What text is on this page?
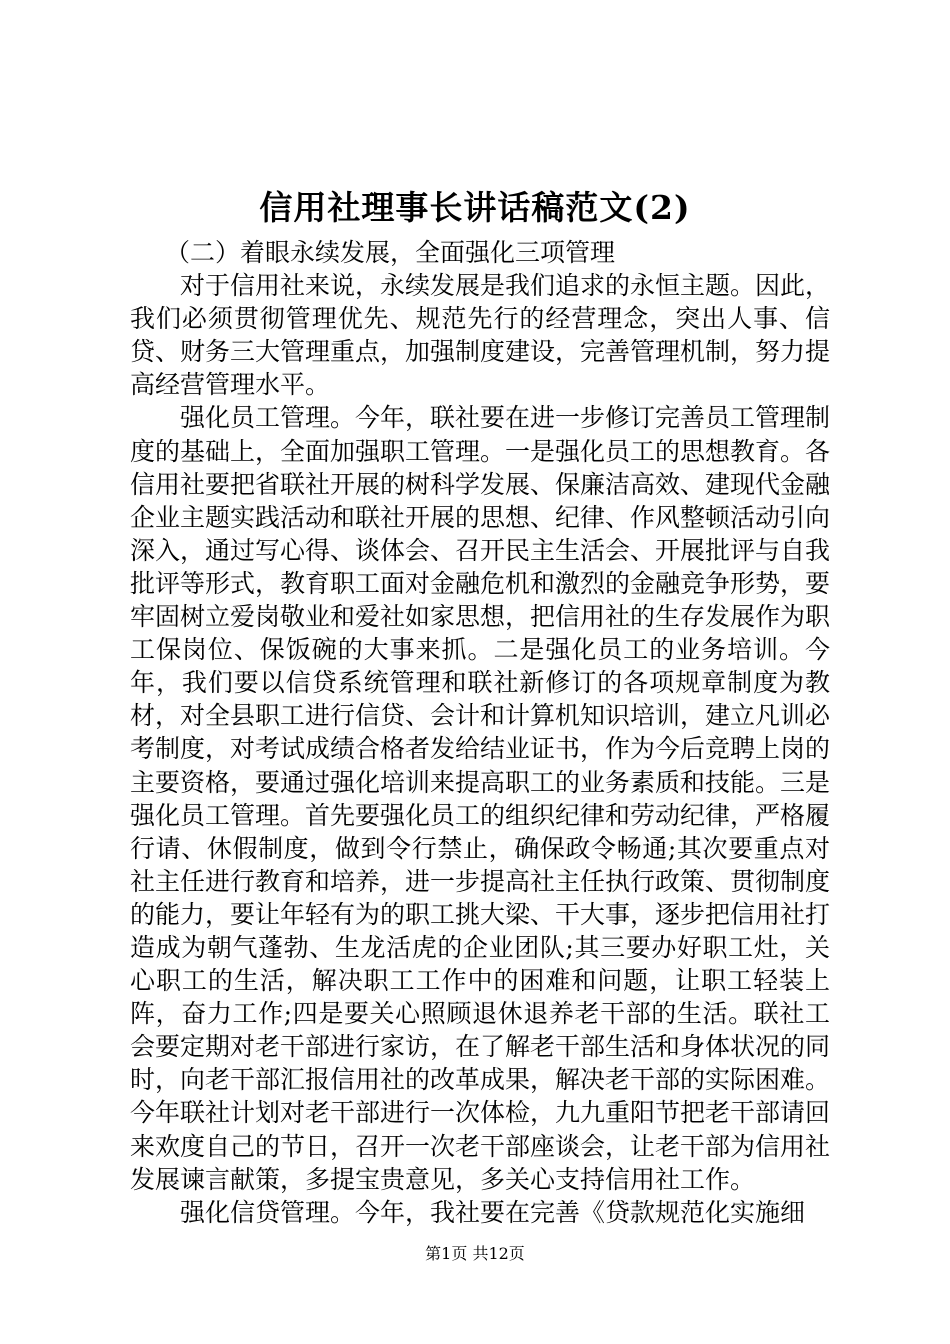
信用社理事长讲话稿范文(2)

（二）着眼永续发展，全面强化三项管理

对于信用社来说，永续发展是我们追求的永恒主题。因此，我们必须贯彻管理优先、规范先行的经营理念，突出人事、信贷、财务三大管理重点，加强制度建设，完善管理机制，努力提高经营管理水平。

强化员工管理。今年，联社要在进一步修订完善员工管理制度的基础上，全面加强职工管理。一是强化员工的思想教育。各信用社要把省联社开展的树科学发展、保廉洁高效、建现代金融企业主题实践活动和联社开展的思想、纪律、作风整顿活动引向深入，通过写心得、谈体会、召开民主生活会、开展批评与自我批评等形式，教育职工面对金融危机和激烈的金融竞争形势，要牢固树立爱岗敬业和爱社如家思想，把信用社的生存发展作为职工保岗位、保饭碗的大事来抓。二是强化员工的业务培训。今年，我们要以信贷系统管理和联社新修订的各项规章制度为教材，对全县职工进行信贷、会计和计算机知识培训，建立凡训必考制度，对考试成绩合格者发给结业证书，作为今后竞聘上岗的主要资格，要通过强化培训来提高职工的业务素质和技能。三是强化员工管理。首先要强化员工的组织纪律和劳动纪律，严格履行请、休假制度，做到令行禁止，确保政令畅通;其次要重点对社主任进行教育和培养，进一步提高社主任执行政策、贯彻制度的能力，要让年轻有为的职工挑大梁、干大事，逐步把信用社打造成为朝气蓬勃、生龙活虎的企业团队;其三要办好职工灶，关心职工的生活，解决职工工作中的困难和问题，让职工轻装上阵，奋力工作;四是要关心照顾退休退养老干部的生活。联社工会要定期对老干部进行家访，在了解老干部生活和身体状况的同时，向老干部汇报信用社的改革成果，解决老干部的实际困难。今年联社计划对老干部进行一次体检，九九重阳节把老干部请回来欢度自己的节日，召开一次老干部座谈会，让老干部为信用社发展谏言献策，多提宝贵意见，多关心支持信用社工作。

强化信贷管理。今年，我社要在完善《贷款规范化实施细

第1页 共12页
